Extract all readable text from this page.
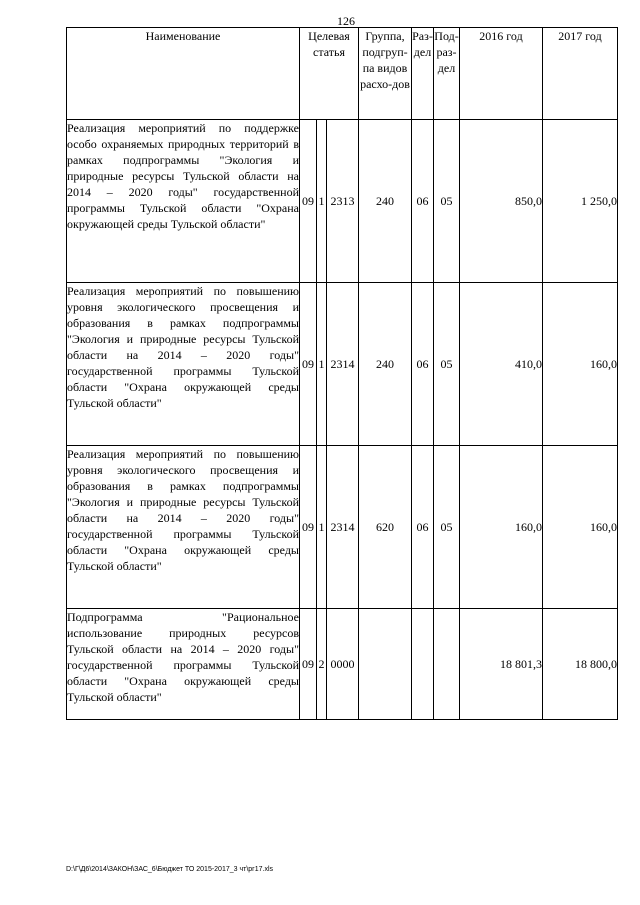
126
Наименование	Целевая статья			Группа, подгруп-па видов расхо-дов	Раз-дел	Под-раз-дел	2016 год	2017 год
Реализация мероприятий по поддержке особо охраняемых природных территорий в рамках подпрограммы "Экология и природные ресурсы Тульской области на 2014 – 2020 годы" государственной программы Тульской области "Охрана окружающей среды Тульской области"	09	1	2313	240	06	05	850,0	1 250,0
Реализация мероприятий по повышению уровня экологического просвещения и образования в рамках подпрограммы "Экология и природные ресурсы Тульской области на 2014 – 2020 годы" государственной программы Тульской области "Охрана окружающей среды Тульской области"	09	1	2314	240	06	05	410,0	160,0
Реализация мероприятий по повышению уровня экологического просвещения и образования в рамках подпрограммы "Экология и природные ресурсы Тульской области на 2014 – 2020 годы" государственной программы Тульской области "Охрана окружающей среды Тульской области"	09	1	2314	620	06	05	160,0	160,0
Подпрограмма "Рациональное использование природных ресурсов Тульской области на 2014 – 2020 годы" государственной программы Тульской области "Охрана окружающей среды Тульской области"	09	2	0000				18 801,3	18 800,0
D:\Г\Д6\2014\ЗАКОН\ЗАС_6\Бюджет ТО 2015-2017_3 чт\рг17.xls
